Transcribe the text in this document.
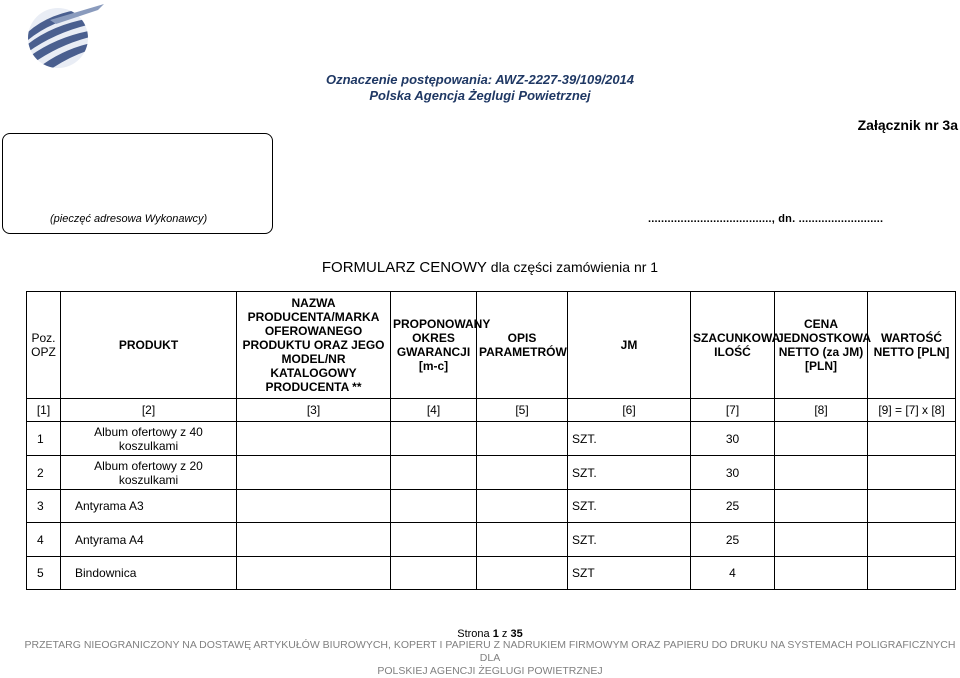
Oznaczenie postępowania: AWZ-2227-39/109/2014
Polska Agencja Żeglugi Powietrznej
Załącznik nr 3a
(pieczęć adresowa Wykonawcy)	......................................, dn. ..........................
FORMULARZ CENOWY dla części zamówienia nr 1
Poz. OPZ	PRODUKT	NAZWA PRODUCENTA/MARKA OFEROWANEGO PRODUKTU ORAZ JEGO MODEL/NR KATALOGOWY PRODUCENTA **	PROPONOWANY OKRES GWARANCJI [m-c]	OPIS PARAMETRÓW	JM	SZACUNKOWA ILOŚĆ	CENA JEDNOSTKOWA NETTO (za JM) [PLN]	WARTOŚĆ NETTO [PLN]
[1]	[2]	[3]	[4]	[5]	[6]	[7]	[8]	[9] = [7] x [8]
1	Album ofertowy z 40 koszulkami				SZT.	30		
2	Album ofertowy z 20 koszulkami				SZT.	30		
3	Antyrama A3				SZT.	25		
4	Antyrama A4				SZT.	25		
5	Bindownica				SZT	4		
Strona 1 z 35
PRZETARG NIEOGRANICZONY NA DOSTAWĘ ARTYKUŁÓW BIUROWYCH, KOPERT I PAPIERU Z NADRUKIEM FIRMOWYM ORAZ PAPIERU DO DRUKU NA SYSTEMACH POLIGRAFICZNYCH DLA
POLSKIEJ AGENCJI ŻEGLUGI POWIETRZNEJ
